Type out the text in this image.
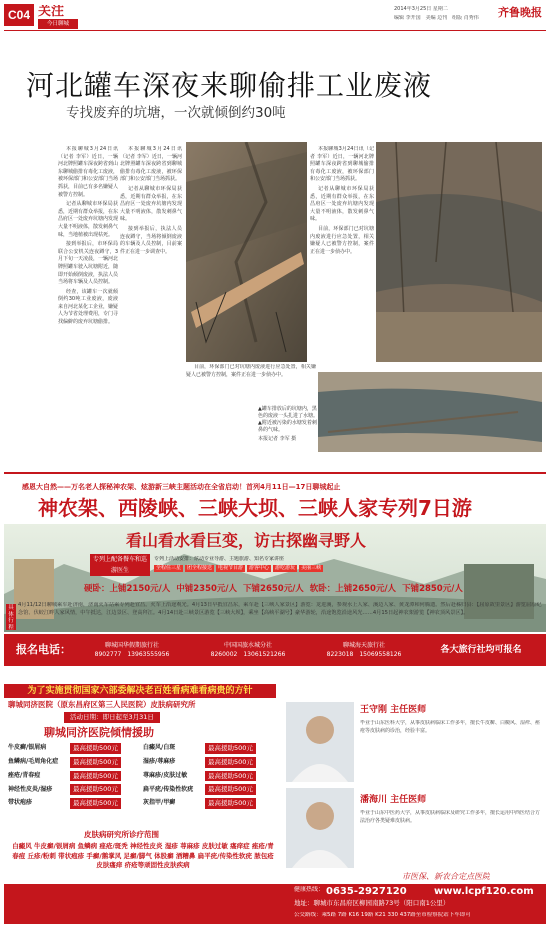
C04 关注
今日聊城
2014年3月25日 星期二
编辑 李开国　美编 边刊　组版 肖秀伟 齐鲁晚报
河北罐车深夜来聊偷排工业废液
专找废弃的坑塘，一次就倾倒约30吨

本报聊城3月24日讯（记者 李军）近日，一辆河北牌照罐车深夜跨省到山东聊城偷排有毒化工废液，被环保部门和公安部门当场抓获，目前已有多名嫌疑人被警方控制。

记者从聊城市环保局获悉，近期有群众举报，在东昌府区一处废弃坑塘内发现大量不明液体，散发刺鼻气味，当地植被出现枯死。

接到举报后，市环保局联合公安机关连夜蹲守，3月下旬一天凌晨，一辆河北牌照罐车驶入坑塘附近，随即开始倾倒废液，执法人员当场将车辆及人员控制。

经查，该罐车一次就倾倒约30吨工业废液，废液来自河北某化工企业，嫌疑人为节省处理费用，专门寻找偏僻的废弃坑塘偷排。

本报聊城3月24日讯（记者 李军）近日，一辆河北牌照罐车深夜跨省到聊城偷排有毒化工废液，被环保部门和公安部门当场抓获。

记者从聊城市环保局获悉，近期有群众举报，在东昌府区一处废弃坑塘内发现大量不明液体，散发刺鼻气味。

接到举报后，执法人员连夜蹲守，当场将倾倒废液的车辆及人员控制，目前案件正在进一步调查中。

本报聊城3月24日讯（记者 李军）近日，一辆河北牌照罐车深夜跨省到聊城偷排有毒化工废液，被环保部门和公安部门当场抓获。

记者从聊城市环保局获悉，近期有群众举报，在东昌府区一处废弃坑塘内发现大量不明液体，散发刺鼻气味。

目前，环保部门已对坑塘内废液进行应急处置，相关嫌疑人已被警方控制，案件正在进一步侦办中。

目前，环保部门已对坑塘内废液进行应急处置，相关嫌疑人已被警方控制，案件正在进一步侦办中。

▲罐车排放后的坑塘内，黑色的废液一头扎进了水塘。
▲附近被污染的水塘发着刺鼻的气味。
本报记者 李军 摄
感恩大自然——万名老人探秘神农架、炫游新三峡主题活动在全省启动！首列4月11日—17日聊城起止
神农架、西陵峡、三峡大坝、三峡人家专列7日游
看山看水看巨变，访古探幽寻野人
专列上配备餐车和巡游医生
专列上活动安排：炫动专业导游、主题旅游、知名专家讲座
全程住三星	团全程接送	电视节目游	游客中心	游吃游玩	美丽三峡
硬卧：上铺2150元/人 中铺2350元/人 下铺2650元/人 软卧：上铺2650元/人 下铺2850元/人
具体行程
4月11/12日聊城乘车赴济南，济南火车站乘专列赴宜昌。火车上沿途观光。4月13日早抵宜昌东，乘车赴【三峡人家景区】游览：龙进溪，参观水上人家、溪边人家、黄龙潭和何腾遗。然后赴秭归县：【屈原故里景区】游览屈原纪念馆、伏蛟江畔人家风情，中午抵达，江边景区、登高拜江。4月14日赴三峡景区游览【三峡大坝】，乘坐【高峡平湖号】豪华游轮，沿途饱览沿途风光……4月15日起神农架游览【神农顶风景区】。
报名电话：	聊城国华假期旅行社
8902777　13963555956
中国国旅水城分社
8260002　13061521266
聊城海天旅行社
8223018　15069558126	各大旅行社均可报名
为了实施贯彻国家六部委解决老百姓看病难看病贵的方针
聊城同济医院（原东昌府区第三人民医院）皮肤病研究所
活动日期：即日起至3月31日
聊城同济医院倾情援助
牛皮癣/银屑病	最高援助500元	白癜风/白斑	最高援助500元
鱼鳞病/毛周角化症	最高援助500元	湿疹/荨麻疹	最高援助500元
痤疮/青春痘	最高援助500元	荨麻疹/皮肤过敏	最高援助500元
神经性皮炎/湿疹	最高援助500元	扁平疣/传染性软疣	最高援助500元
带状疱疹	最高援助500元	灰指甲/甲癣	最高援助500元
皮肤病研究所诊疗范围
白癜风 牛皮癣/银屑病 鱼鳞病 痤疮/斑秃 神经性皮炎 湿疹 荨麻疹 皮肤过敏 瘙痒症 痤疮/青春痘 丘疹/粉刺 带状疱疹 手癣/鹅掌风 足癣/脚气 体股癣 酒糟鼻 扁平疣/传染性软疣 脓包疮 皮肤瘙痒 疥疮等顽固性皮肤疾病
王守刚 主任医师
毕业于山东医科大学，从事皮肤病临床工作多年，擅长牛皮癣、白癜风、湿疹、痤疮等皮肤病的诊治，经验丰富。
潘海川 主任医师
毕业于山东中医药大学，从事皮肤病临床及研究工作多年，擅长运用中西医结合方法治疗各类疑难皮肤病。
市医保、新农合定点医院
健康热线： 0635-2927120	www.lcpf120.com
地址：聊城市东昌府区柳园南路73号（阳口南1公里）
公交路线：乘5路 7路 K16 19路 K21 330 437路至市检察院站下车即可
